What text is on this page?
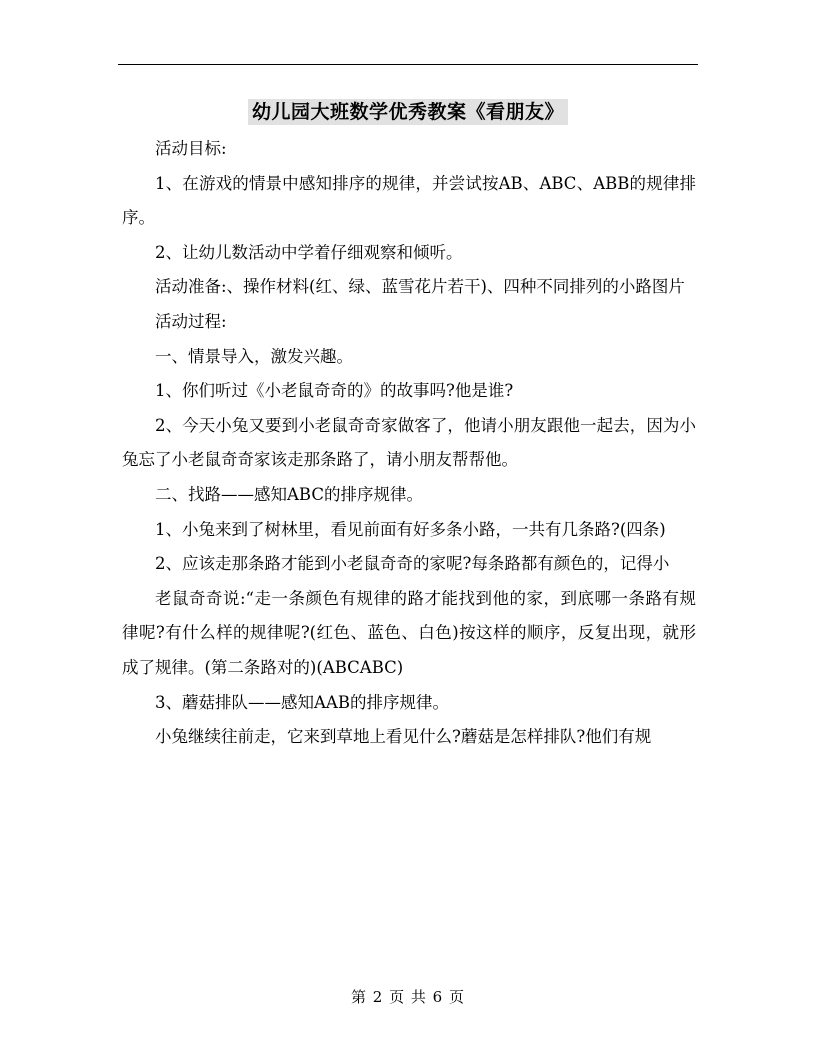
幼儿园大班数学优秀教案《看朋友》

活动目标:

1、在游戏的情景中感知排序的规律，并尝试按AB、ABC、ABB的规律排序。

2、让幼儿数活动中学着仔细观察和倾听。

活动准备:、操作材料(红、绿、蓝雪花片若干)、四种不同排列的小路图片

活动过程:

一、情景导入，激发兴趣。

1、你们听过《小老鼠奇奇的》的故事吗?他是谁?

2、今天小兔又要到小老鼠奇奇家做客了，他请小朋友跟他一起去，因为小兔忘了小老鼠奇奇家该走那条路了，请小朋友帮帮他。

二、找路——感知ABC的排序规律。

1、小兔来到了树林里，看见前面有好多条小路，一共有几条路?(四条)

2、应该走那条路才能到小老鼠奇奇的家呢?每条路都有颜色的，记得小

老鼠奇奇说:“走一条颜色有规律的路才能找到他的家，到底哪一条路有规律呢?有什么样的规律呢?(红色、蓝色、白色)按这样的顺序，反复出现，就形成了规律。(第二条路对的)(ABCABC)

3、蘑菇排队——感知AAB的排序规律。

小兔继续往前走，它来到草地上看见什么?蘑菇是怎样排队?他们有规

第 2 页 共 6 页
